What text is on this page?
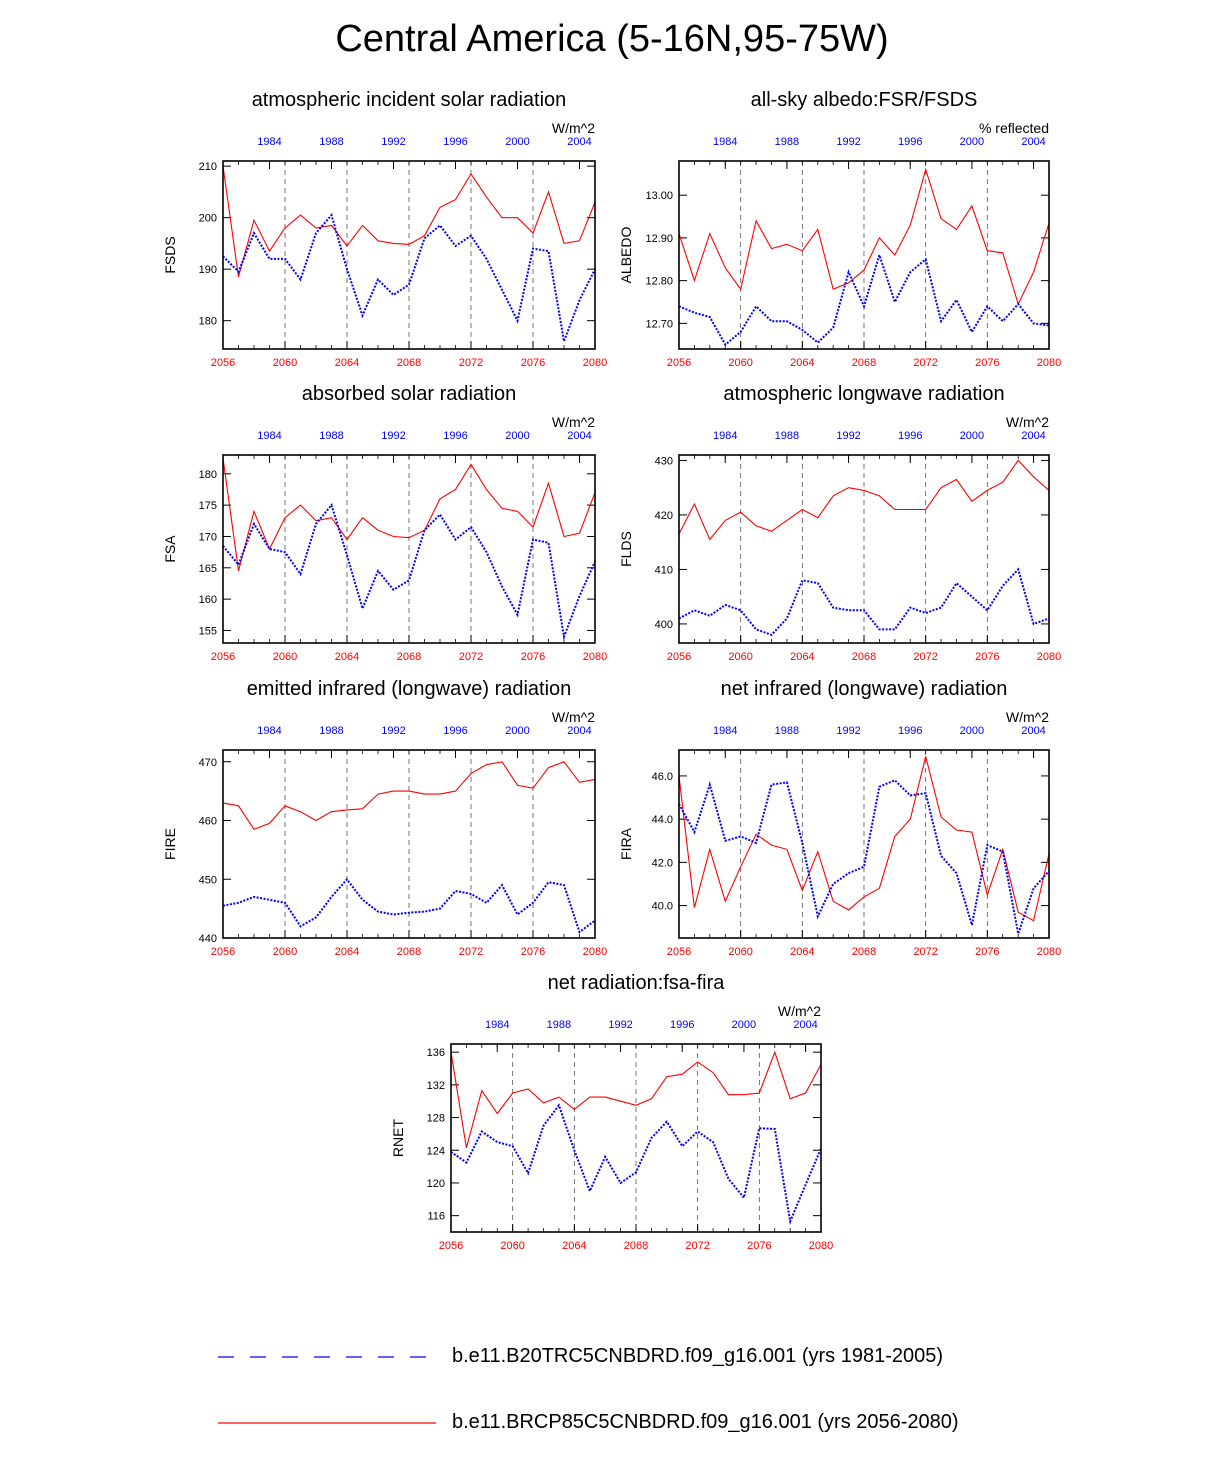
Central America (5-16N,95-75W)
atmospheric incident solar radiation
W/m^2
FSDS
180
190
200
210
2056	2060	2064	2068	2072	2076	2080
1984	1988	1992	1996	2000	2004
all-sky albedo:FSR/FSDS
% reflected
ALBEDO
12.70
12.80
12.90
13.00
2056	2060	2064	2068	2072	2076	2080
1984	1988	1992	1996	2000	2004
absorbed solar radiation
W/m^2
FSA
155
160
165
170
175
180
2056	2060	2064	2068	2072	2076	2080
1984	1988	1992	1996	2000	2004
atmospheric longwave radiation
W/m^2
FLDS
400
410
420
430
2056	2060	2064	2068	2072	2076	2080
1984	1988	1992	1996	2000	2004
emitted infrared (longwave) radiation
W/m^2
FIRE
440
450
460
470
2056	2060	2064	2068	2072	2076	2080
1984	1988	1992	1996	2000	2004
net infrared (longwave) radiation
W/m^2
FIRA
40.0
42.0
44.0
46.0
2056	2060	2064	2068	2072	2076	2080
1984	1988	1992	1996	2000	2004
net radiation:fsa-fira
W/m^2
RNET
116
120
124
128
132
136
2056	2060	2064	2068	2072	2076	2080
1984	1988	1992	1996	2000	2004
b.e11.B20TRC5CNBDRD.f09_g16.001 (yrs 1981-2005)
b.e11.BRCP85C5CNBDRD.f09_g16.001 (yrs 2056-2080)
